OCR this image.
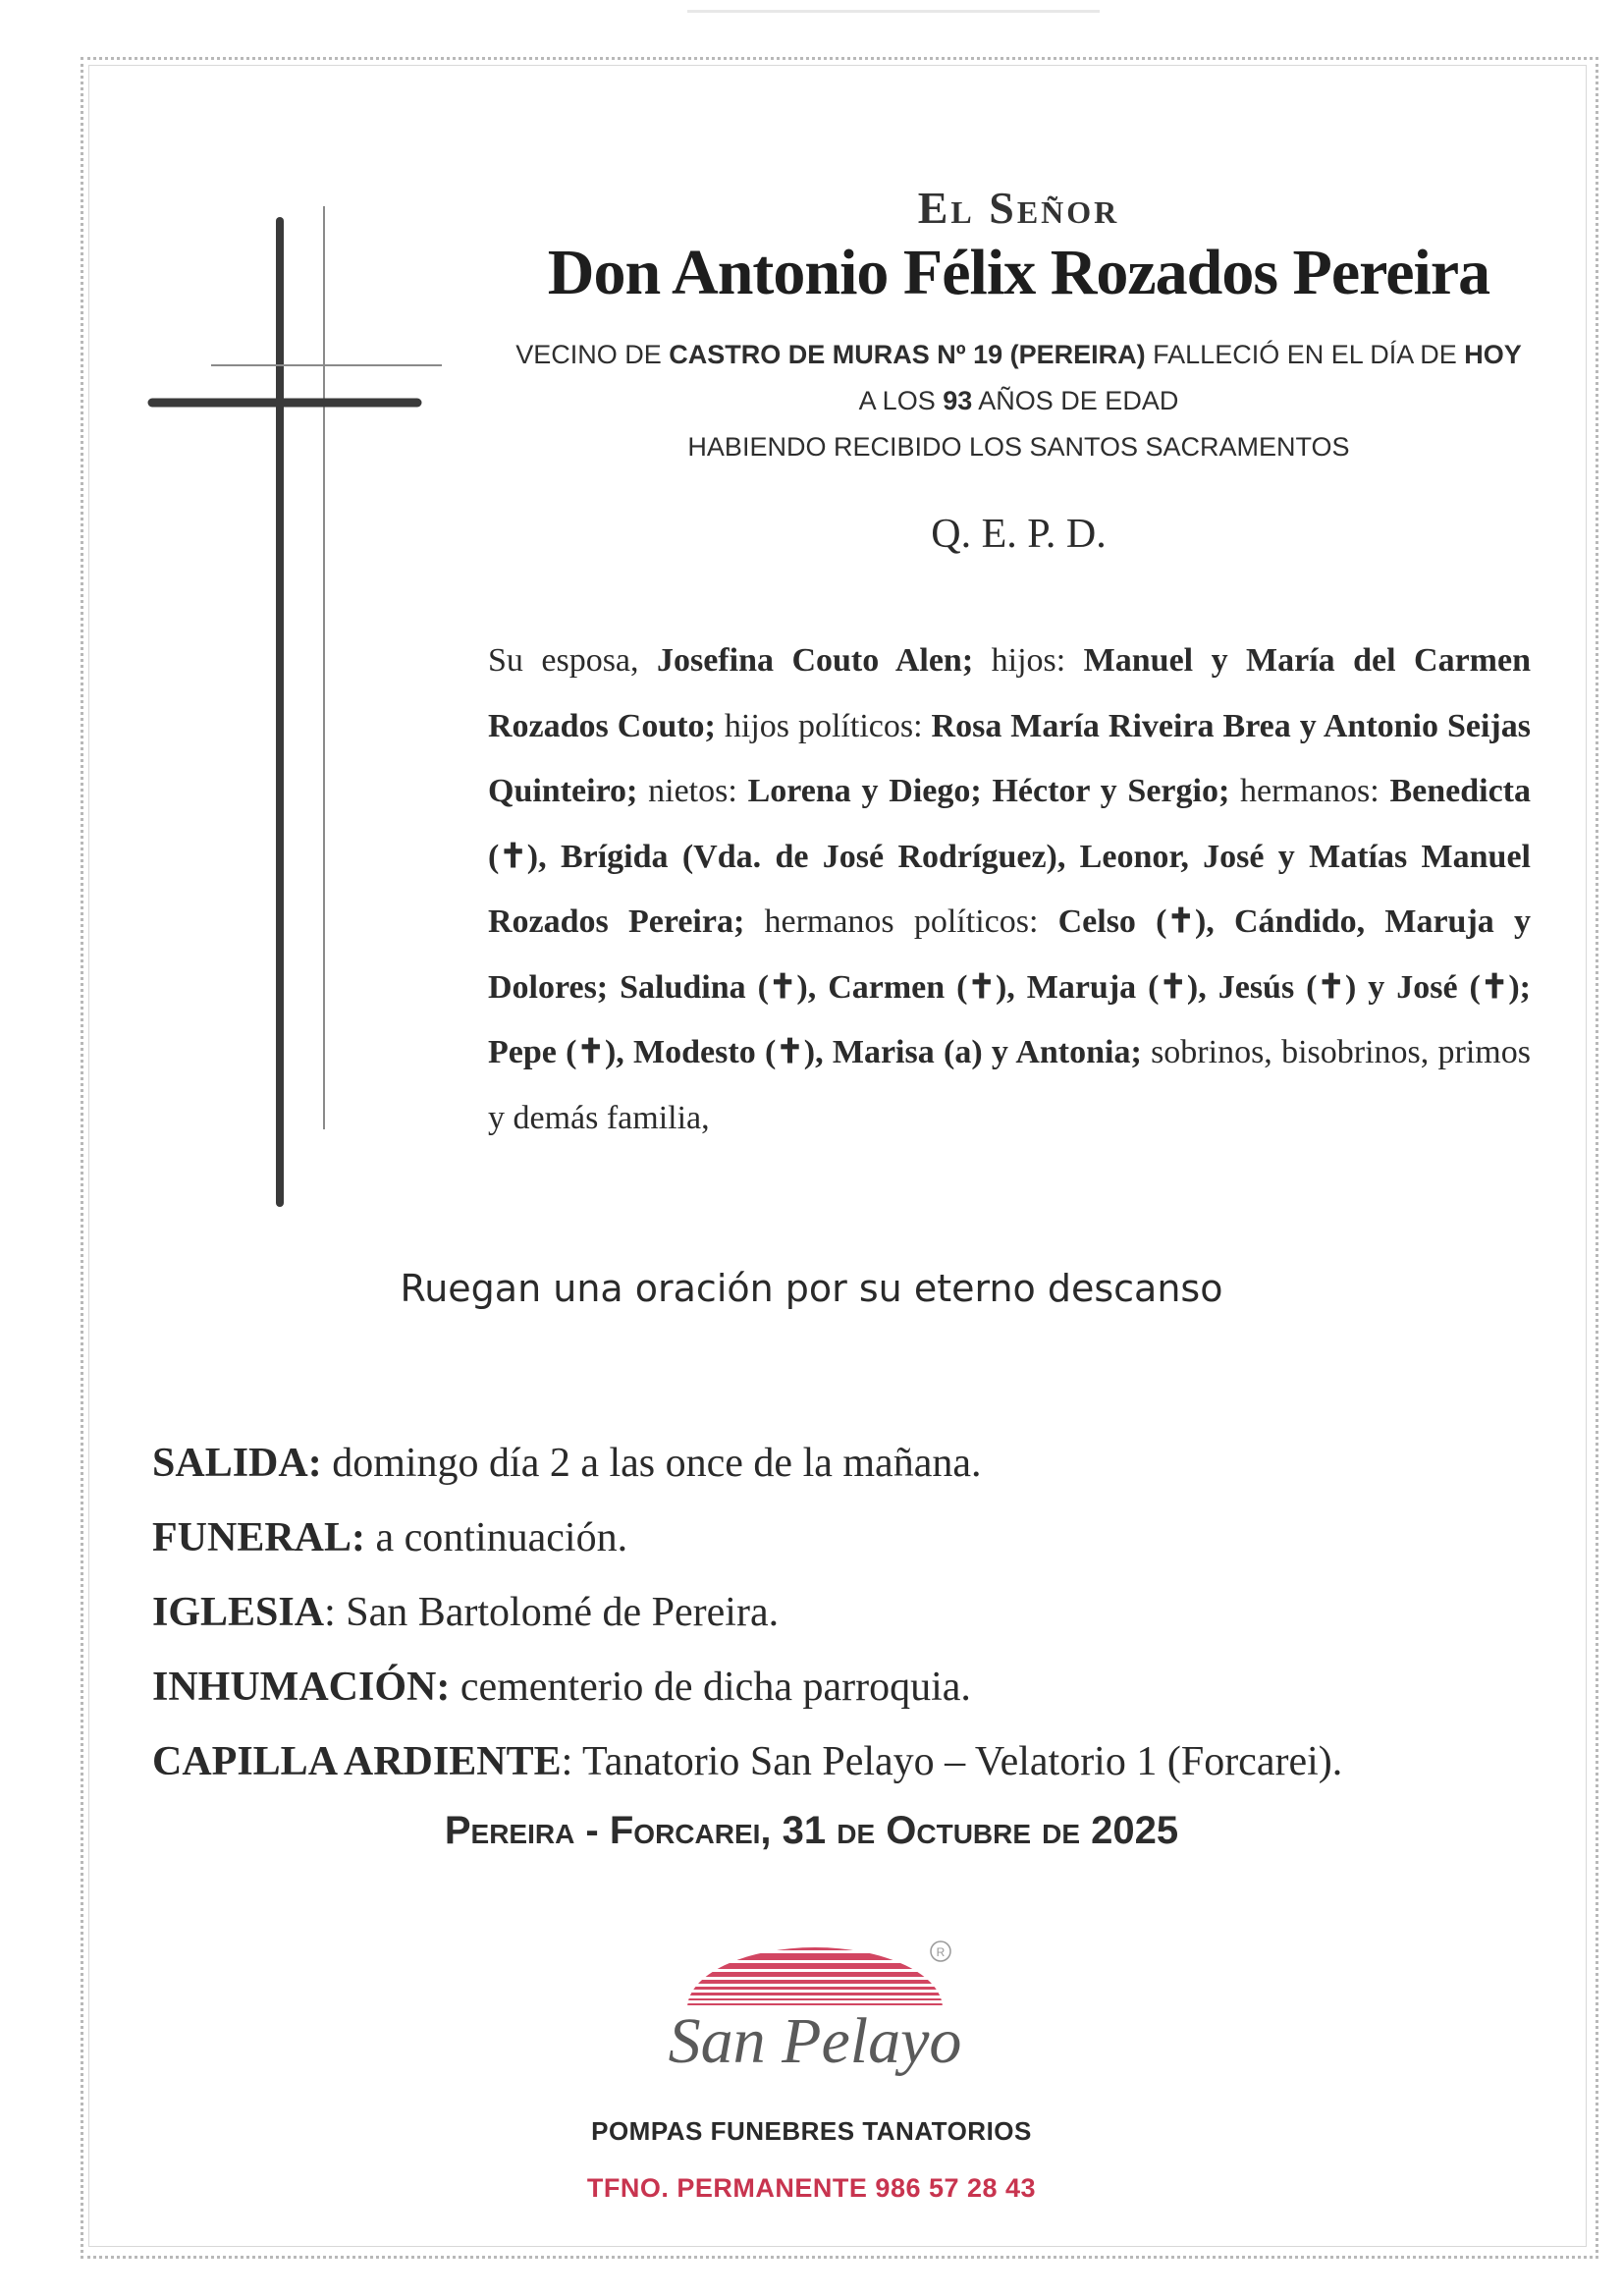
El Señor
Don Antonio Félix Rozados Pereira
VECINO DE CASTRO DE MURAS Nº 19 (PEREIRA) FALLECIÓ EN EL DÍA DE HOY
A LOS 93 AÑOS DE EDAD
HABIENDO RECIBIDO LOS SANTOS SACRAMENTOS
Q. E. P. D.
Su esposa, Josefina Couto Alen; hijos: Manuel y María del Carmen Rozados Couto; hijos políticos: Rosa María Riveira Brea y Antonio Seijas Quinteiro; nietos: Lorena y Diego; Héctor y Sergio; hermanos: Benedicta (✝), Brígida (Vda. de José Rodríguez), Leonor, José y Matías Manuel Rozados Pereira; hermanos políticos: Celso (✝), Cándido, Maruja y Dolores; Saludina (✝), Carmen (✝), Maruja (✝), Jesús (✝) y José (✝); Pepe (✝), Modesto (✝), Marisa (a) y Antonia; sobrinos, bisobrinos, primos y demás familia,
Ruegan una oración por su eterno descanso
SALIDA: domingo día 2 a las once de la mañana.
FUNERAL: a continuación.
IGLESIA: San Bartolomé de Pereira.
INHUMACIÓN: cementerio de dicha parroquia.
CAPILLA ARDIENTE: Tanatorio San Pelayo – Velatorio 1 (Forcarei).
Pereira - Forcarei, 31 de Octubre de 2025
R
San Pelayo
POMPAS FUNEBRES TANATORIOS
TFNO. PERMANENTE 986 57 28 43
